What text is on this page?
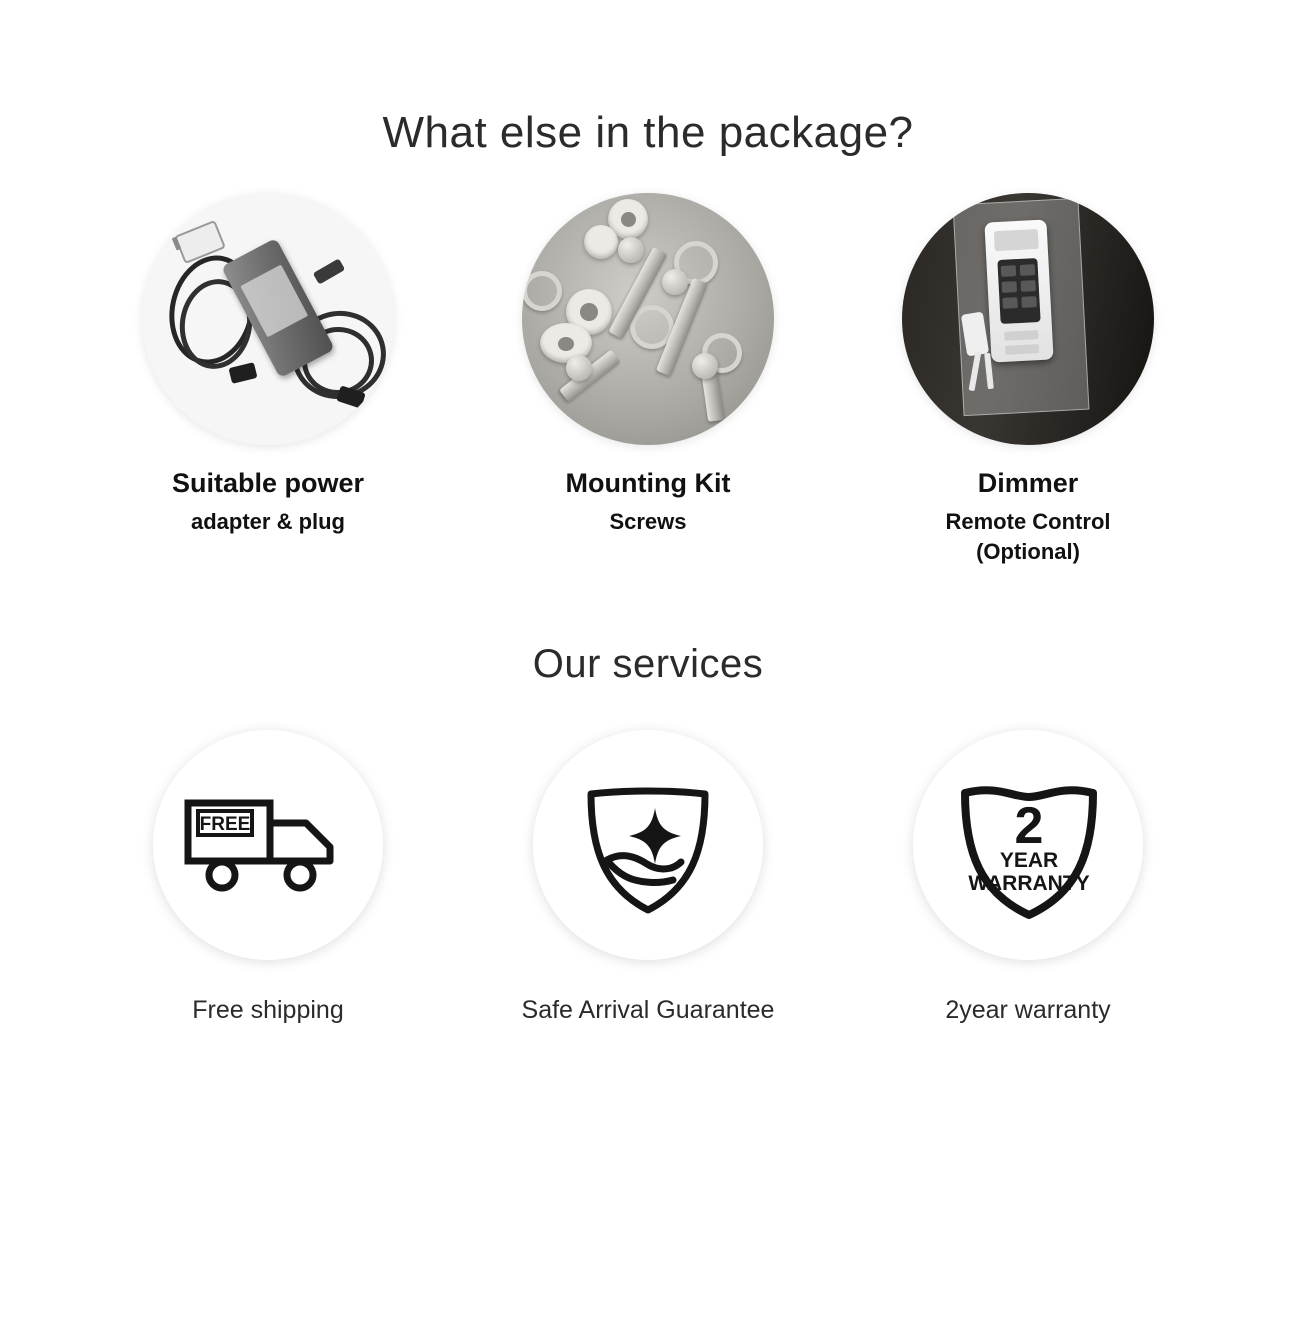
What else in the package?
Suitable power
adapter & plug
Mounting Kit
Screws
Dimmer
Remote Control
(Optional)
Our services
FREE
Free shipping	Safe Arrival Guarantee
2
YEAR
WARRANTY
2year warranty
